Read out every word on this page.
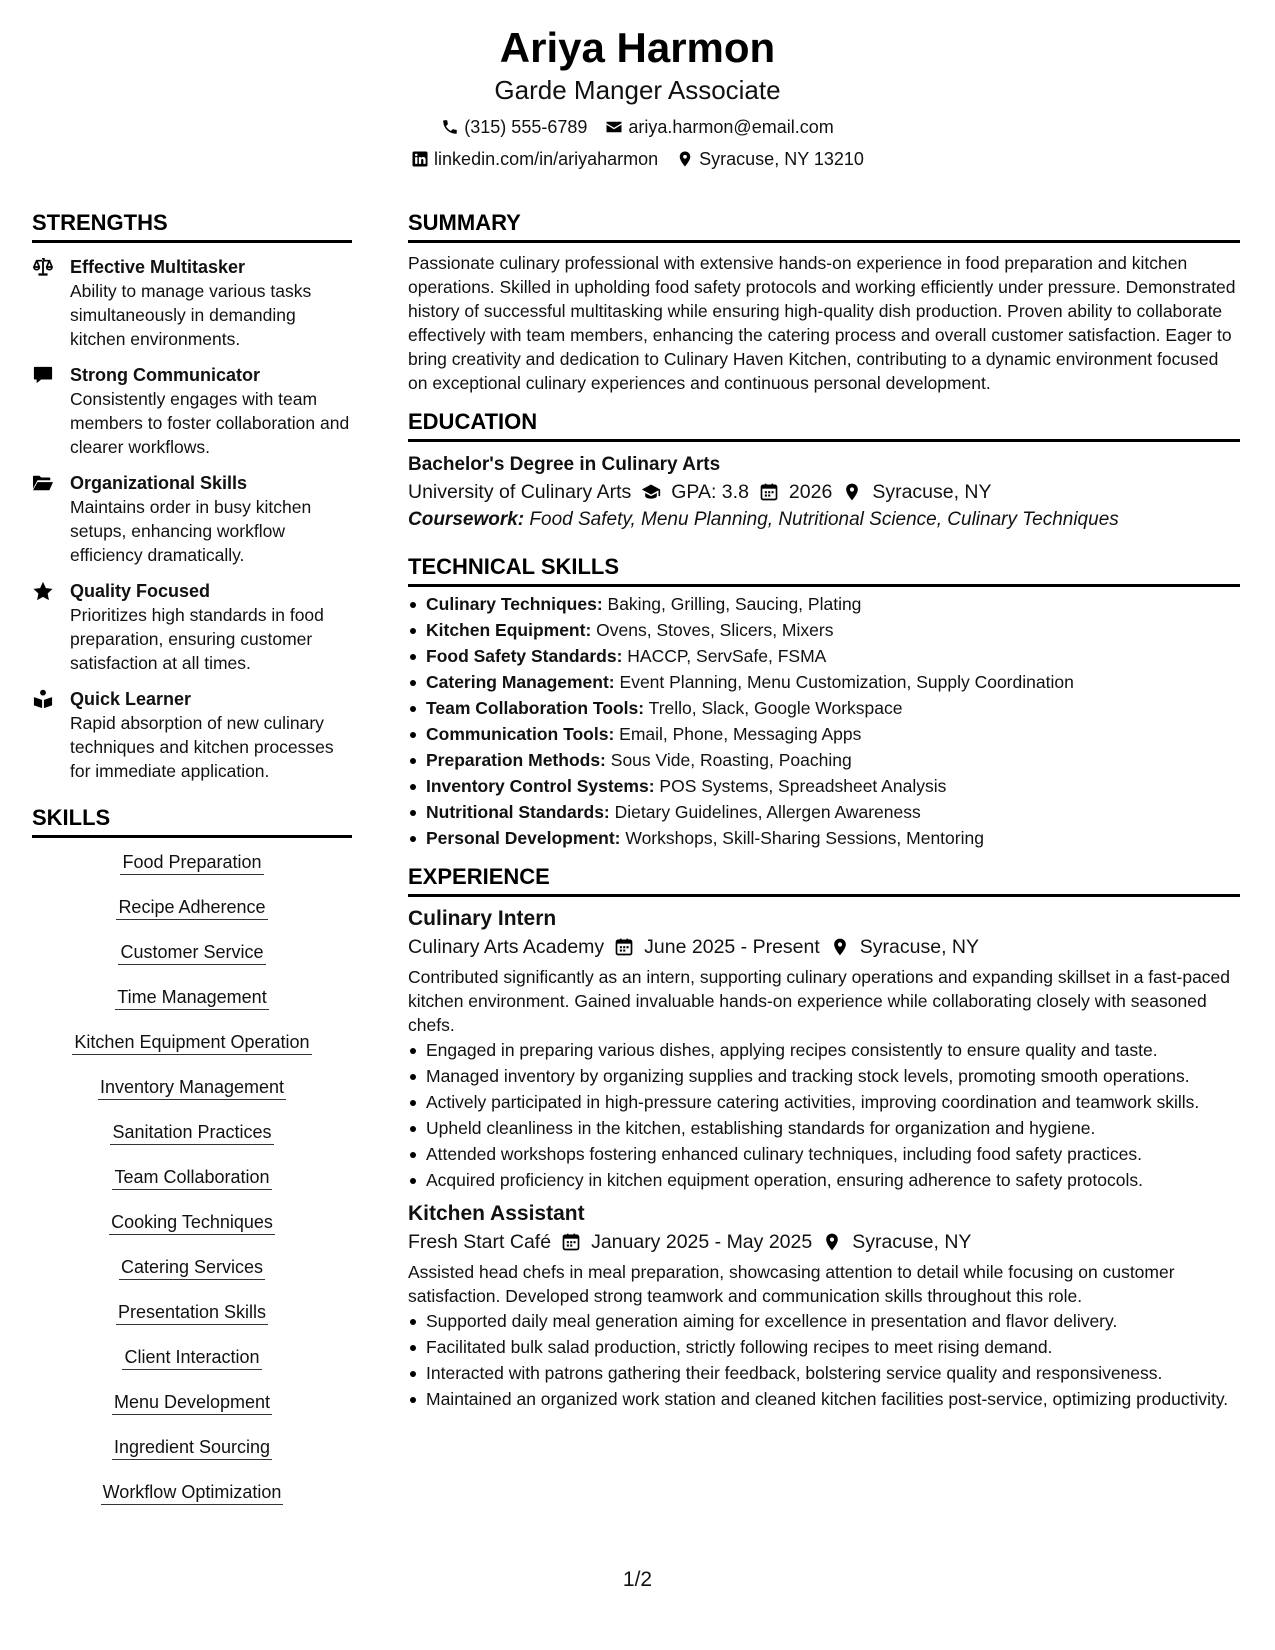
Ariya Harmon
Garde Manger Associate
(315) 555-6789 ariya.harmon@email.com
linkedin.com/in/ariyaharmon Syracuse, NY 13210
STRENGTHS
Effective Multitasker
Ability to manage various tasks simultaneously in demanding kitchen environments.
Strong Communicator
Consistently engages with team members to foster collaboration and clearer workflows.
Organizational Skills
Maintains order in busy kitchen setups, enhancing workflow efficiency dramatically.
Quality Focused
Prioritizes high standards in food preparation, ensuring customer satisfaction at all times.
Quick Learner
Rapid absorption of new culinary techniques and kitchen processes for immediate application.
SKILLS
Food Preparation
Recipe Adherence
Customer Service
Time Management
Kitchen Equipment Operation
Inventory Management
Sanitation Practices
Team Collaboration
Cooking Techniques
Catering Services
Presentation Skills
Client Interaction
Menu Development
Ingredient Sourcing
Workflow Optimization
SUMMARY
Passionate culinary professional with extensive hands-on experience in food preparation and kitchen operations. Skilled in upholding food safety protocols and working efficiently under pressure. Demonstrated history of successful multitasking while ensuring high-quality dish production. Proven ability to collaborate effectively with team members, enhancing the catering process and overall customer satisfaction. Eager to bring creativity and dedication to Culinary Haven Kitchen, contributing to a dynamic environment focused on exceptional culinary experiences and continuous personal development.
EDUCATION
Bachelor's Degree in Culinary Arts
University of Culinary Arts GPA: 3.8 2026 Syracuse, NY
Coursework: Food Safety, Menu Planning, Nutritional Science, Culinary Techniques
TECHNICAL SKILLS
Culinary Techniques: Baking, Grilling, Saucing, Plating
Kitchen Equipment: Ovens, Stoves, Slicers, Mixers
Food Safety Standards: HACCP, ServSafe, FSMA
Catering Management: Event Planning, Menu Customization, Supply Coordination
Team Collaboration Tools: Trello, Slack, Google Workspace
Communication Tools: Email, Phone, Messaging Apps
Preparation Methods: Sous Vide, Roasting, Poaching
Inventory Control Systems: POS Systems, Spreadsheet Analysis
Nutritional Standards: Dietary Guidelines, Allergen Awareness
Personal Development: Workshops, Skill-Sharing Sessions, Mentoring
EXPERIENCE
Culinary Intern
Culinary Arts Academy June 2025 - Present Syracuse, NY
Contributed significantly as an intern, supporting culinary operations and expanding skillset in a fast-paced kitchen environment. Gained invaluable hands-on experience while collaborating closely with seasoned chefs.
Engaged in preparing various dishes, applying recipes consistently to ensure quality and taste.
Managed inventory by organizing supplies and tracking stock levels, promoting smooth operations.
Actively participated in high-pressure catering activities, improving coordination and teamwork skills.
Upheld cleanliness in the kitchen, establishing standards for organization and hygiene.
Attended workshops fostering enhanced culinary techniques, including food safety practices.
Acquired proficiency in kitchen equipment operation, ensuring adherence to safety protocols.
Kitchen Assistant
Fresh Start Café January 2025 - May 2025 Syracuse, NY
Assisted head chefs in meal preparation, showcasing attention to detail while focusing on customer satisfaction. Developed strong teamwork and communication skills throughout this role.
Supported daily meal generation aiming for excellence in presentation and flavor delivery.
Facilitated bulk salad production, strictly following recipes to meet rising demand.
Interacted with patrons gathering their feedback, bolstering service quality and responsiveness.
Maintained an organized work station and cleaned kitchen facilities post-service, optimizing productivity.
1/2
